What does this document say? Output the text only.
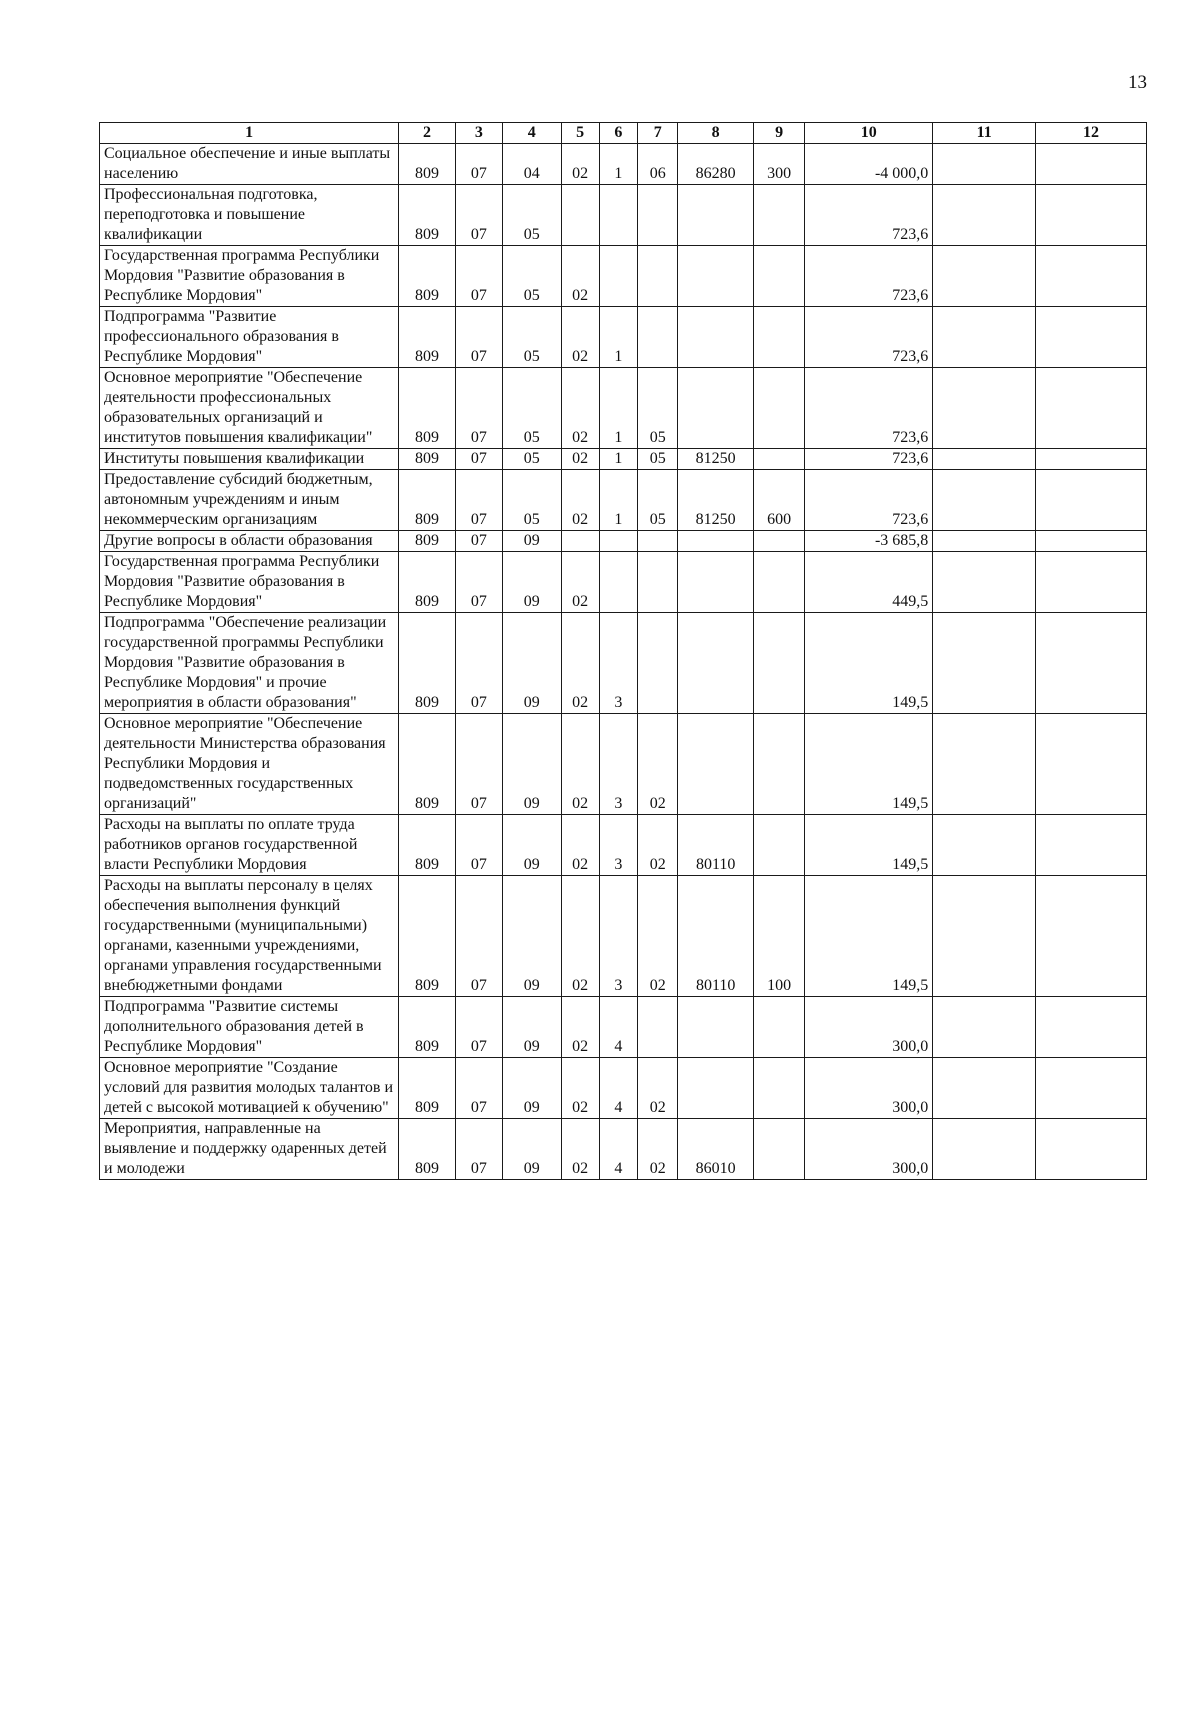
13
1	2	3	4	5	6	7	8	9	10	11	12
Социальное обеспечение и иные выплаты населению	809	07	04	02	1	06	86280	300	-4 000,0		
Профессиональная подготовка, переподготовка и повышение квалификации	809	07	05						723,6		
Государственная программа Республики Мордовия "Развитие образования в Республике Мордовия"	809	07	05	02					723,6		
Подпрограмма "Развитие профессионального образования в Республике Мордовия"	809	07	05	02	1				723,6		
Основное мероприятие "Обеспечение деятельности профессиональных образовательных организаций и институтов повышения квалификации"	809	07	05	02	1	05			723,6		
Институты повышения квалификации	809	07	05	02	1	05	81250		723,6		
Предоставление субсидий бюджетным, автономным учреждениям и иным некоммерческим организациям	809	07	05	02	1	05	81250	600	723,6		
Другие вопросы в области образования	809	07	09						-3 685,8		
Государственная программа Республики Мордовия "Развитие образования в Республике Мордовия"	809	07	09	02					449,5		
Подпрограмма "Обеспечение реализации государственной программы Республики Мордовия "Развитие образования в Республике Мордовия" и прочие мероприятия в области образования"	809	07	09	02	3				149,5		
Основное мероприятие "Обеспечение деятельности Министерства образования Республики Мордовия и подведомственных государственных организаций"	809	07	09	02	3	02			149,5		
Расходы на выплаты по оплате труда работников органов государственной власти Республики Мордовия	809	07	09	02	3	02	80110		149,5		
Расходы на выплаты персоналу в целях обеспечения выполнения функций государственными (муниципальными) органами, казенными учреждениями, органами управления государственными внебюджетными фондами	809	07	09	02	3	02	80110	100	149,5		
Подпрограмма "Развитие системы дополнительного образования детей в Республике Мордовия"	809	07	09	02	4				300,0		
Основное мероприятие "Создание условий для развития молодых талантов и детей с высокой мотивацией к обучению"	809	07	09	02	4	02			300,0		
Мероприятия, направленные на выявление и поддержку одаренных детей и молодежи	809	07	09	02	4	02	86010		300,0		
